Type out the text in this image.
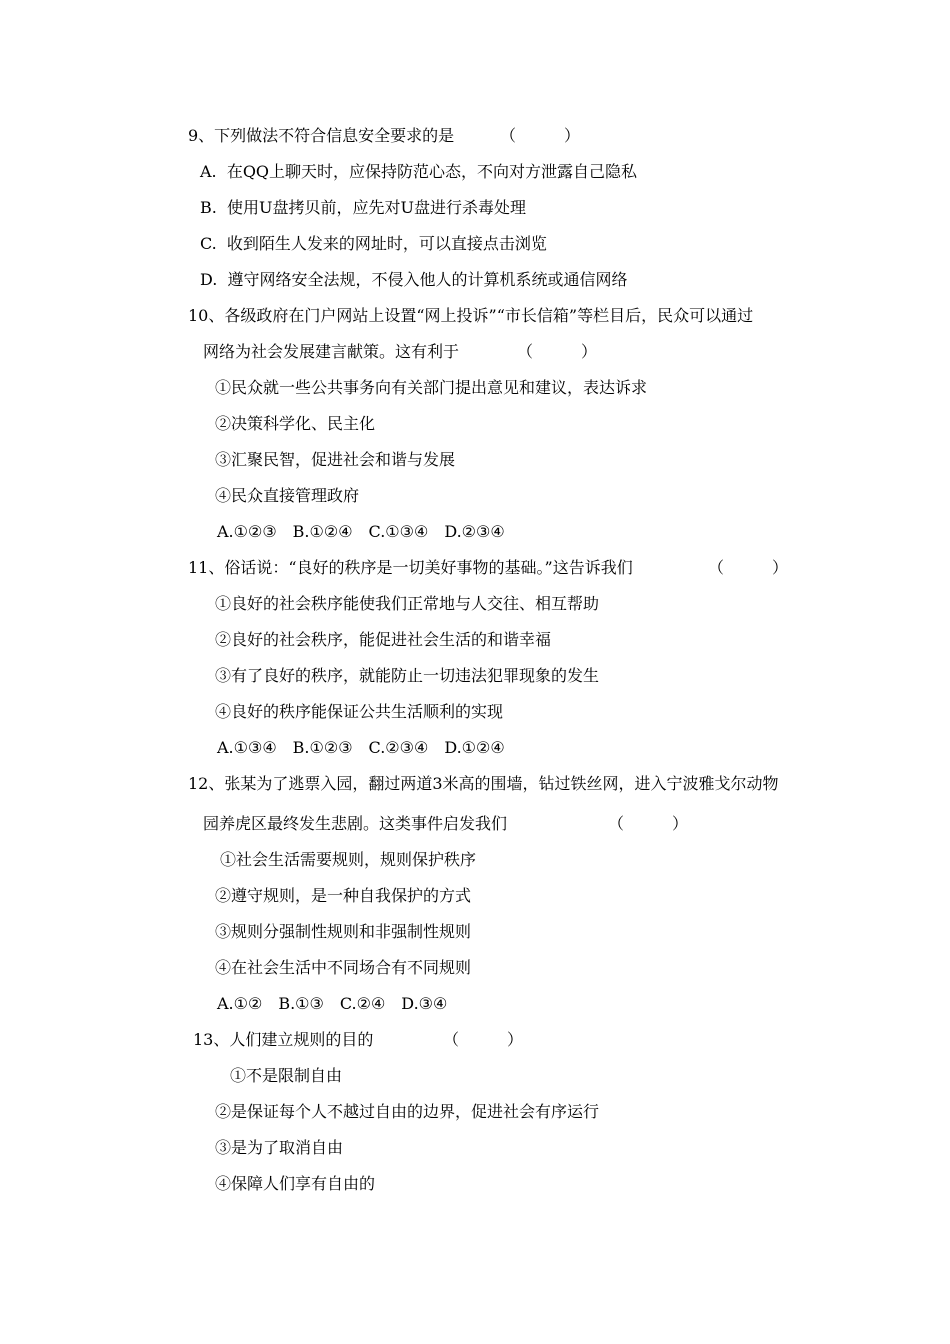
9、下列做法不符合信息安全要求的是	（　　　）
A.  在QQ上聊天时，应保持防范心态，不向对方泄露自己隐私
B.  使用U盘拷贝前，应先对U盘进行杀毒处理
C.  收到陌生人发来的网址时，可以直接点击浏览
D.  遵守网络安全法规，不侵入他人的计算机系统或通信网络
10、各级政府在门户网站上设置“网上投诉”“市长信箱”等栏目后，民众可以通过
网络为社会发展建言献策。这有利于	（　　　）
①民众就一些公共事务向有关部门提出意见和建议，表达诉求
②决策科学化、民主化
③汇聚民智，促进社会和谐与发展
④民众直接管理政府
A.①②③　B.①②④　C.①③④　D.②③④
11、俗话说：“良好的秩序是一切美好事物的基础。”这告诉我们	（　　　）
①良好的社会秩序能使我们正常地与人交往、相互帮助
②良好的社会秩序，能促进社会生活的和谐幸福
③有了良好的秩序，就能防止一切违法犯罪现象的发生
④良好的秩序能保证公共生活顺利的实现
A.①③④　B.①②③　C.②③④　D.①②④
12、张某为了逃票入园，翻过两道3米高的围墙，钻过铁丝网，进入宁波雅戈尔动物
园养虎区最终发生悲剧。这类事件启发我们	（　　　）
①社会生活需要规则，规则保护秩序
②遵守规则，是一种自我保护的方式
③规则分强制性规则和非强制性规则
④在社会生活中不同场合有不同规则
A.①②　B.①③　C.②④　D.③④
13、人们建立规则的目的	（　　　）
①不是限制自由
②是保证每个人不越过自由的边界，促进社会有序运行
③是为了取消自由
④保障人们享有自由的
